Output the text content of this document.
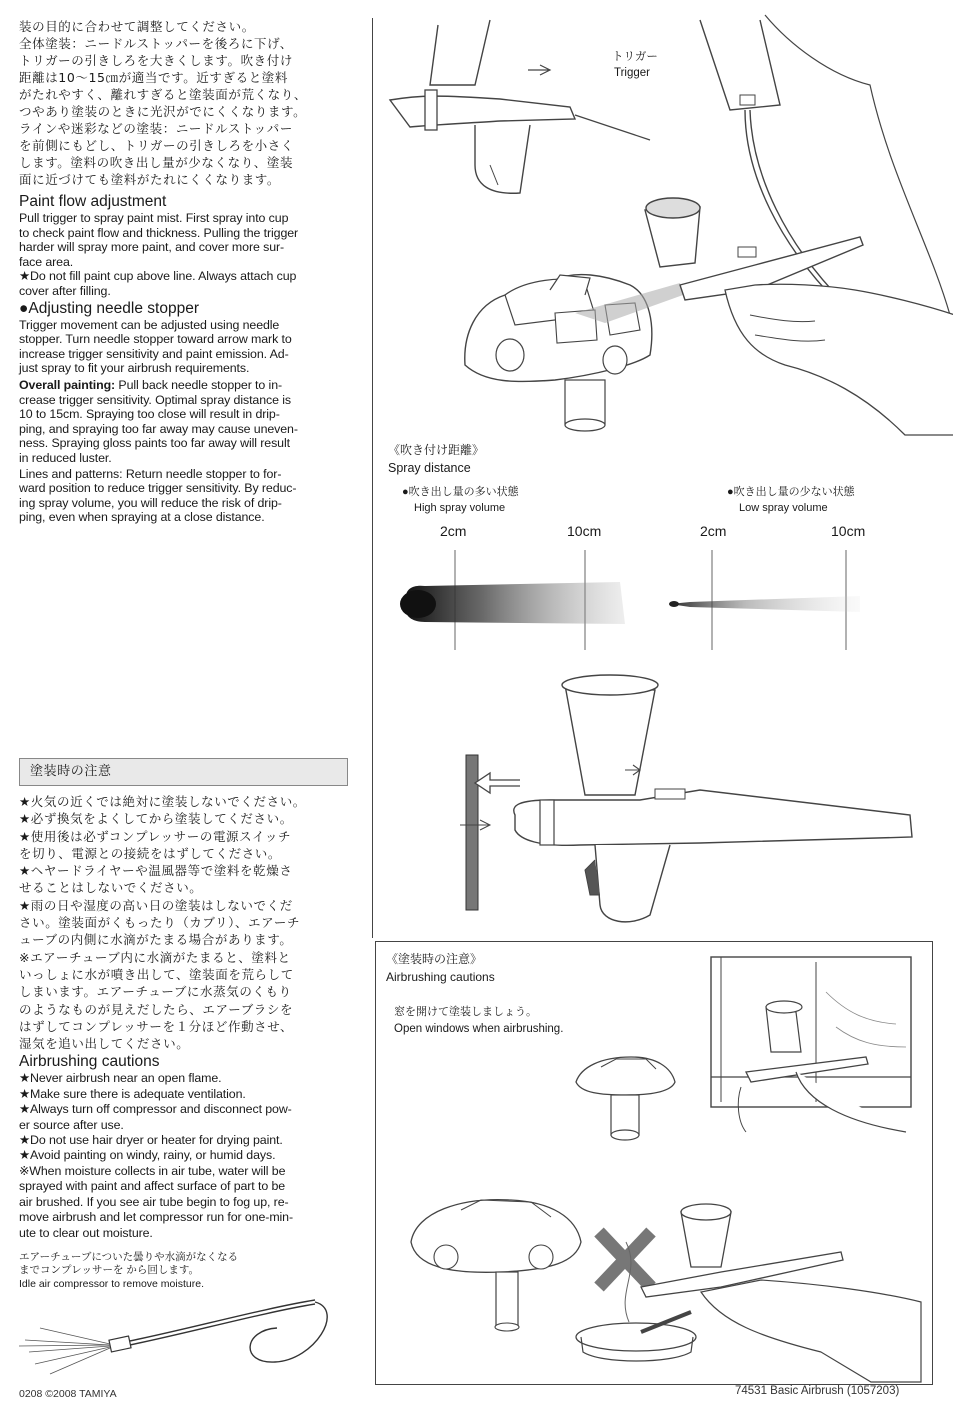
装の目的に合わせて調整してください。
全体塗装：ニードルストッパーを後ろに下げ、
トリガーの引きしろを大きくします。吹き付け
距離は10〜15㎝が適当です。近すぎると塗料
がたれやすく、離れすぎると塗装面が荒くなり、
つやあり塗装のときに光沢がでにくくなります。
ラインや迷彩などの塗装：ニードルストッパー
を前側にもどし、トリガーの引きしろを小さく
します。塗料の吹き出し量が少なくなり、塗装
面に近づけても塗料がたれにくくなります。
Paint flow adjustment
Pull trigger to spray paint mist. First spray into cup
to check paint flow and thickness. Pulling the trigger
harder will spray more paint, and cover more sur-
face area.
★Do not fill paint cup above line. Always attach cup
cover after filling.
●Adjusting needle stopper
Trigger movement can be adjusted using needle
stopper. Turn needle stopper toward arrow mark to
increase trigger sensitivity and paint emission. Ad-
just spray to fit your airbrush requirements.
Overall painting: Pull back needle stopper to in-
crease trigger sensitivity. Optimal spray distance is
10 to 15cm. Spraying too close will result in drip-
ping, and spraying too far away may cause uneven-
ness. Spraying gloss paints too far away will result
in reduced luster.
Lines and patterns: Return needle stopper to for-
ward position to reduce trigger sensitivity. By reduc-
ing spray volume, you will reduce the risk of drip-
ping, even when spraying at a close distance.
塗装時の注意
★火気の近くでは絶対に塗装しないでください。
★必ず換気をよくしてから塗装してください。
★使用後は必ずコンプレッサーの電源スイッチ
を切り、電源との接続をはずしてください。
★ヘヤードライヤーや温風器等で塗料を乾燥さ
せることはしないでください。
★雨の日や湿度の高い日の塗装はしないでくだ
さい。塗装面がくもったり（カブリ）、エアーチ
ューブの内側に水滴がたまる場合があります。
※エアーチューブ内に水滴がたまると、塗料と
いっしょに水が噴き出して、塗装面を荒らして
しまいます。エアーチューブに水蒸気のくもり
のようなものが見えだしたら、エアーブラシを
はずしてコンプレッサーを１分ほど作動させ、
湿気を追い出してください。
Airbrushing cautions
★Never airbrush near an open flame.
★Make sure there is adequate ventilation.
★Always turn off compressor and disconnect pow-
er source after use.
★Do not use hair dryer or heater for drying paint.
★Avoid painting on windy, rainy, or humid days.
※When moisture collects in air tube, water will be
sprayed with paint and affect surface of part to be
air brushed. If you see air tube begin to fog up, re-
move airbrush and let compressor run for one-min-
ute to clear out moisture.
エアーチューブについた曇りや水滴がなくなる
までコンプレッサーを から回します。
Idle air compressor to remove moisture.
トリガー
Trigger
《吹き付け距離》
Spray distance
●吹き出し量の多い状態
High spray volume
●吹き出し量の少ない状態
Low spray volume
2cm	10cm	2cm	10cm
《塗装時の注意》
Airbrushing cautions
窓を開けて塗装しましょう。
Open windows when airbrushing.
0208 ©2008 TAMIYA	74531 Basic Airbrush (1057203)
